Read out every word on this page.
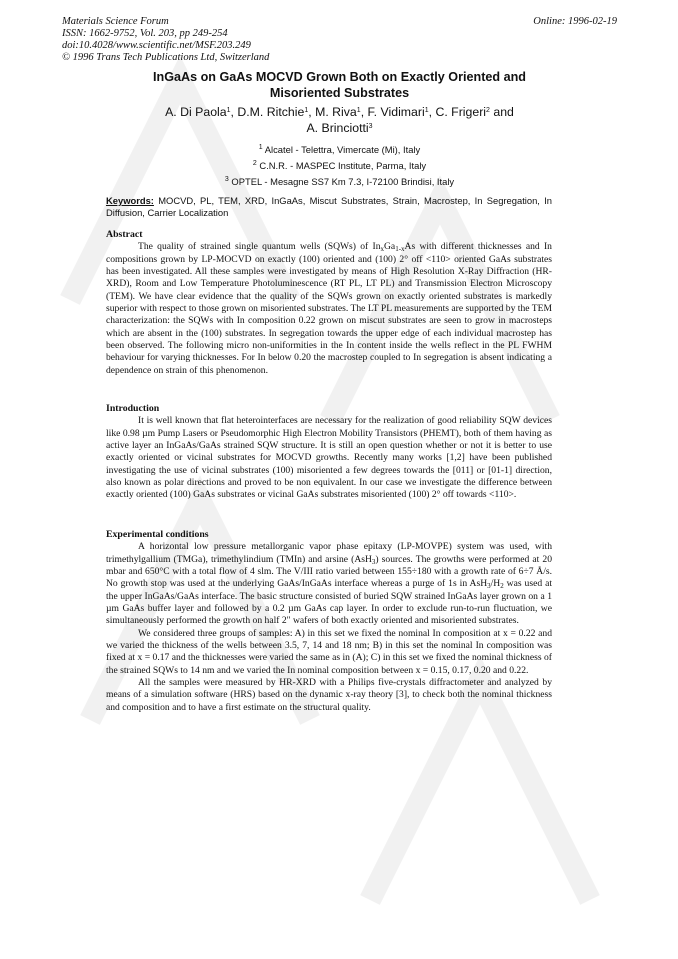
Materials Science Forum
ISSN: 1662-9752, Vol. 203, pp 249-254
doi:10.4028/www.scientific.net/MSF.203.249
© 1996 Trans Tech Publications Ltd, Switzerland
Online: 1996-02-19
InGaAs on GaAs MOCVD Grown Both on Exactly Oriented and
Misoriented Substrates
A. Di Paola$^1$, D.M. Ritchie$^1$, M. Riva$^1$, F. Vidimari$^1$, C. Frigeri$^2$ and
A. Brinciotti$^3$
$^1$ Alcatel - Telettra, Vimercate (Mi), Italy
$^2$ C.N.R. - MASPEC Institute, Parma, Italy
$^3$ OPTEL - Mesagne SS7 Km 7.3, I-72100 Brindisi, Italy
Keywords: MOCVD, PL, TEM, XRD, InGaAs, Miscut Substrates, Strain, Macrostep, In Segregation, In Diffusion, Carrier Localization
Abstract

The quality of strained single quantum wells (SQWs) of $In_xGa_{1-x}As$ with different thicknesses and In compositions grown by LP-MOCVD on exactly (100) oriented and (100) 2° off <110> oriented GaAs substrates has been investigated. All these samples were investigated by means of High Resolution X-Ray Diffraction (HR-XRD), Room and Low Temperature Photoluminescence (RT PL, LT PL) and Transmission Electron Microscopy (TEM). We have clear evidence that the quality of the SQWs grown on exactly oriented substrates is markedly superior with respect to those grown on misoriented substrates. The LT PL measurements are supported by the TEM characterization: the SQWs with In composition 0.22 grown on miscut substrates are seen to grow in macrosteps which are absent in the (100) substrates. In segregation towards the upper edge of each individual macrostep has been observed. The following micro non-uniformities in the In content inside the wells reflect in the PL FWHM behaviour for varying thicknesses. For In below 0.20 the macrostep coupled to In segregation is absent indicating a dependence on strain of this phenomenon.

Introduction

It is well known that flat heterointerfaces are necessary for the realization of good reliability SQW devices like 0.98 µm Pump Lasers or Pseudomorphic High Electron Mobility Transistors (PHEMT), both of them having as active layer an InGaAs/GaAs strained SQW structure. It is still an open question whether or not it is better to use exactly oriented or vicinal substrates for MOCVD growths. Recently many works [1,2] have been published investigating the use of vicinal substrates (100) misoriented a few degrees towards the [011] or [01-1] direction, also known as polar directions and proved to be non equivalent. In our case we investigate the difference between exactly oriented (100) GaAs substrates or vicinal GaAs substrates misoriented (100) 2° off towards <110>.

Experimental conditions

A horizontal low pressure metallorganic vapor phase epitaxy (LP-MOVPE) system was used, with trimethylgallium (TMGa), trimethylindium (TMIn) and arsine (AsH$_3$) sources. The growths were performed at 20 mbar and 650°C with a total flow of 4 slm. The V/III ratio varied between 155÷180 with a growth rate of 6÷7 Å/s. No growth stop was used at the underlying GaAs/InGaAs interface whereas a purge of 1s in $AsH_3/H_2$ was used at the upper InGaAs/GaAs interface. The basic structure consisted of buried SQW strained InGaAs layer grown on a 1 µm GaAs buffer layer and followed by a 0.2 µm GaAs cap layer. In order to exclude run-to-run fluctuation, we simultaneously performed the growth on half 2" wafers of both exactly oriented and misoriented substrates.

We considered three groups of samples: A) in this set we fixed the nominal In composition at x = 0.22 and we varied the thickness of the wells between 3.5, 7, 14 and 18 nm; B) in this set the nominal In composition was fixed at x = 0.17 and the thicknesses were varied the same as in (A); C) in this set we fixed the nominal thickness of the strained SQWs to 14 nm and we varied the In nominal composition between x = 0.15, 0.17, 0.20 and 0.22.

All the samples were measured by HR-XRD with a Philips five-crystals diffractometer and analyzed by means of a simulation software (HRS) based on the dynamic x-ray theory [3], to check both the nominal thickness and composition and to have a first estimate on the structural quality.
